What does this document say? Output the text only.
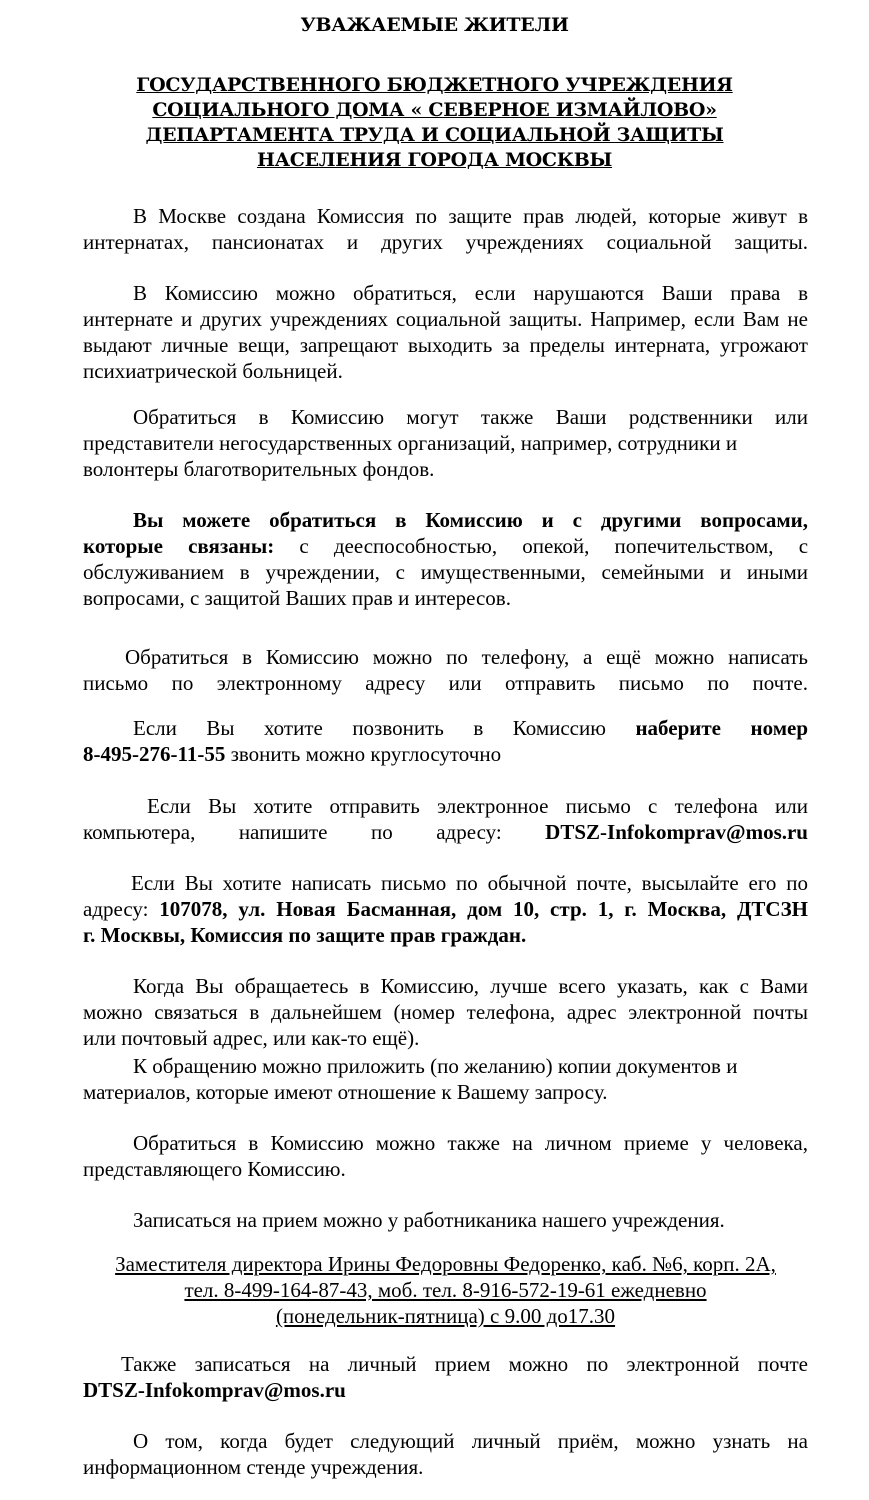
УВАЖАЕМЫЕ ЖИТЕЛИ
ГОСУДАРСТВЕННОГО БЮДЖЕТНОГО УЧРЕЖДЕНИЯ
СОЦИАЛЬНОГО ДОМА « СЕВЕРНОЕ ИЗМАЙЛОВО»
ДЕПАРТАМЕНТА ТРУДА И СОЦИАЛЬНОЙ ЗАЩИТЫ
НАСЕЛЕНИЯ ГОРОДА МОСКВЫ
В Москве создана Комиссия по защите прав людей, которые живут в
интернатах, пансионатах и других учреждениях социальной защиты.
В Комиссию можно обратиться, если нарушаются Ваши права в
интернате и других учреждениях социальной защиты. Например, если Вам не
выдают личные вещи, запрещают выходить за пределы интерната, угрожают
психиатрической больницей.
Обратиться в Комиссию могут также Ваши родственники или
представители негосударственных организаций, например, сотрудники и
волонтеры благотворительных фондов.
Вы можете обратиться в Комиссию и с другими вопросами,
которые связаны: с дееспособностью, опекой, попечительством, с
обслуживанием в учреждении, с имущественными, семейными и иными
вопросами, с защитой Ваших прав и интересов.
Обратиться в Комиссию можно по телефону, а ещё можно написать
письмо по электронному адресу или отправить письмо по почте.
Если Вы хотите позвонить в Комиссию наберите номер
8-495-276-11-55 звонить можно круглосуточно
Если Вы хотите отправить электронное письмо с телефона или
компьютера, напишите по адресу: DTSZ-Infokomprav@mos.ru
Если Вы хотите написать письмо по обычной почте, высылайте его по
адресу: 107078, ул. Новая Басманная, дом 10, стр. 1, г. Москва, ДТСЗН
г. Москвы, Комиссия по защите прав граждан.
Когда Вы обращаетесь в Комиссию, лучше всего указать, как с Вами
можно связаться в дальнейшем (номер телефона, адрес электронной почты
или почтовый адрес, или как-то ещё).
К обращению можно приложить (по желанию) копии документов и
материалов, которые имеют отношение к Вашему запросу.
Обратиться в Комиссию можно также на личном приеме у человека,
представляющего Комиссию.
Записаться на прием можно у работниканика нашего учреждения.
Заместителя директора Ирины Федоровны Федоренко, каб. №6, корп. 2А,
тел. 8-499-164-87-43, моб. тел. 8-916-572-19-61 ежедневно
(понедельник-пятница) с 9.00 до17.30
Также записаться на личный прием можно по электронной почте
DTSZ-Infokomprav@mos.ru
О том, когда будет следующий личный приём, можно узнать на
информационном стенде учреждения.
